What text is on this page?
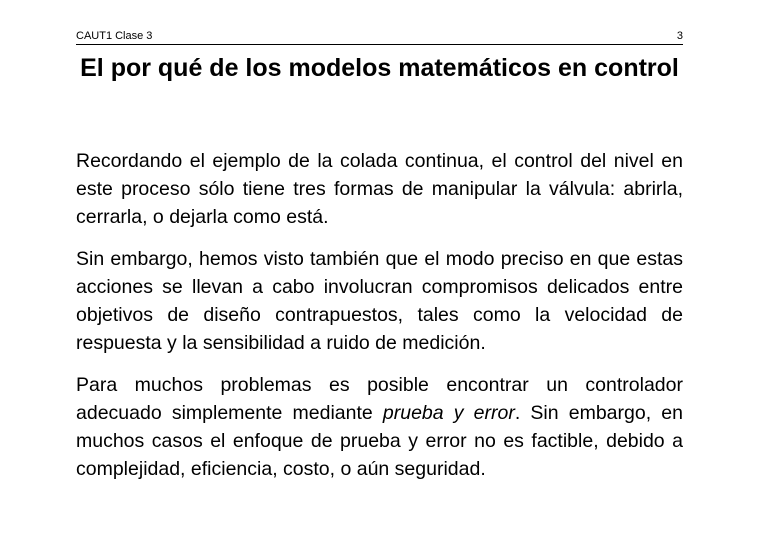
CAUT1 Clase 3	3
El por qué de los modelos matemáticos en control

Recordando el ejemplo de la colada continua, el control del nivel en este proceso sólo tiene tres formas de manipular la válvula: abrirla, cerrarla, o dejarla como está.

Sin embargo, hemos visto también que el modo preciso en que estas acciones se llevan a cabo involucran compromisos delicados entre objetivos de diseño contrapuestos, tales como la velocidad de respuesta y la sensibilidad a ruido de medición.

Para muchos problemas es posible encontrar un controlador adecuado simplemente mediante prueba y error. Sin embargo, en muchos casos el enfoque de prueba y error no es factible, debido a complejidad, eficiencia, costo, o aún seguridad.
